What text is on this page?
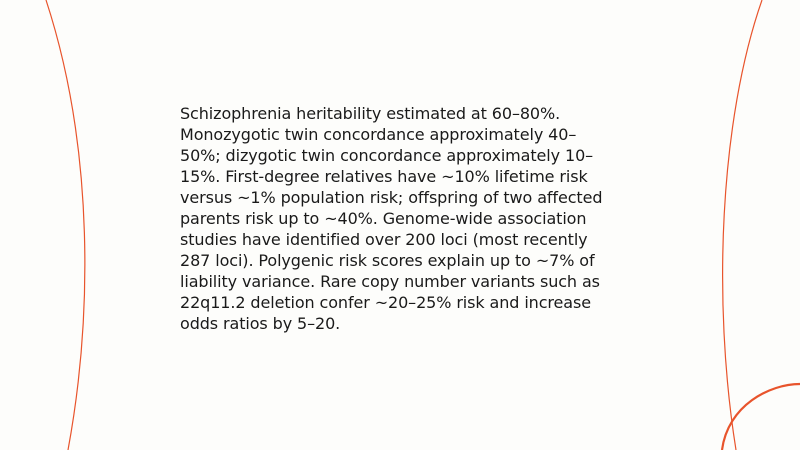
Schizophrenia heritability estimated at 60–80%.
Monozygotic twin concordance approximately 40–
50%; dizygotic twin concordance approximately 10–
15%. First-degree relatives have ~10% lifetime risk
versus ~1% population risk; offspring of two affected
parents risk up to ~40%. Genome-wide association
studies have identified over 200 loci (most recently
287 loci). Polygenic risk scores explain up to ~7% of
liability variance. Rare copy number variants such as
22q11.2 deletion confer ~20–25% risk and increase
odds ratios by 5–20.
